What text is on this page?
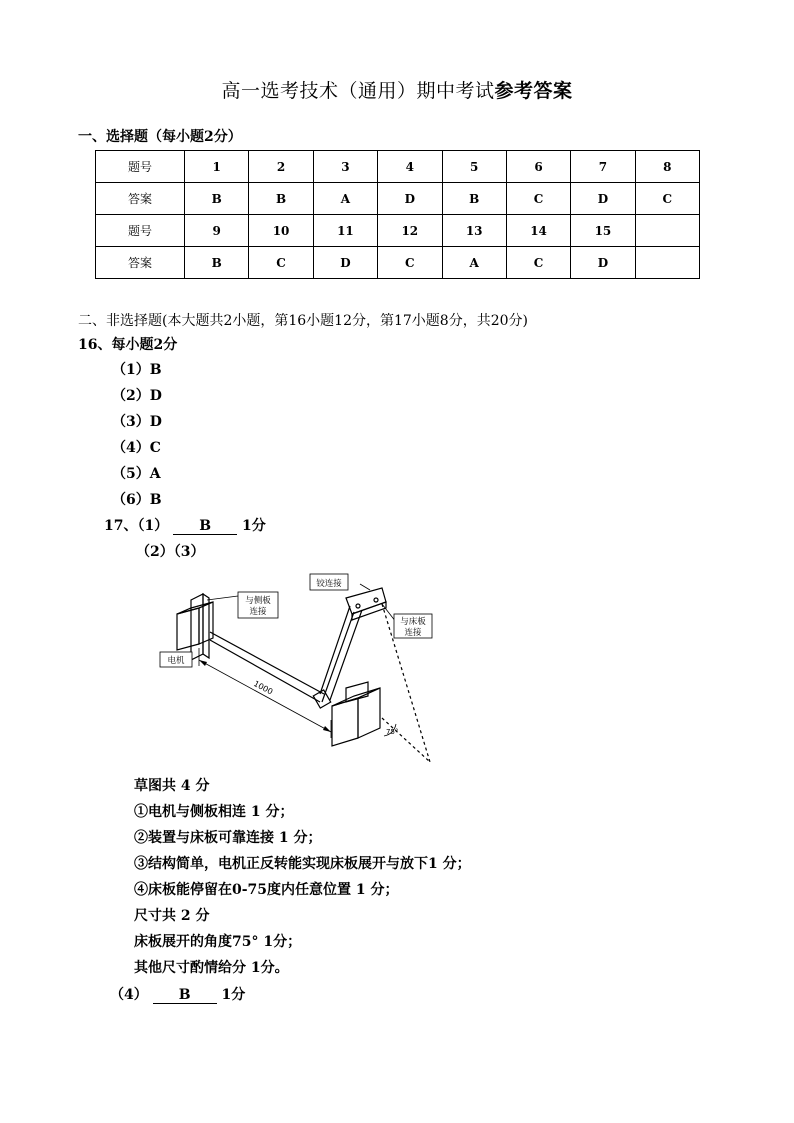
高一选考技术（通用）期中考试参考答案
一、选择题（每小题2分）
题号	1	2	3	4	5	6	7	8
答案	B	B	A	D	B	C	D	C
题号	9	10	11	12	13	14	15	
答案	B	C	D	C	A	C	D	
二、非选择题(本大题共2小题，第16小题12分，第17小题8分，共20分)
16、每小题2分
（1）B
（2）D
（3）D
（4）C
（5）A
（6）B
17、（1） B 1分
（2）（3）
与侧板
连接
铰连接
与床板
连接
电机
1000
75°
草图共 4 分
①电机与侧板相连 1 分；
②装置与床板可靠连接 1 分；
③结构简单，电机正反转能实现床板展开与放下1 分；
④床板能停留在0-75度内任意位置 1 分；
尺寸共 2 分
床板展开的角度75° 1分；
其他尺寸酌情给分 1分。
（4） B 1分
